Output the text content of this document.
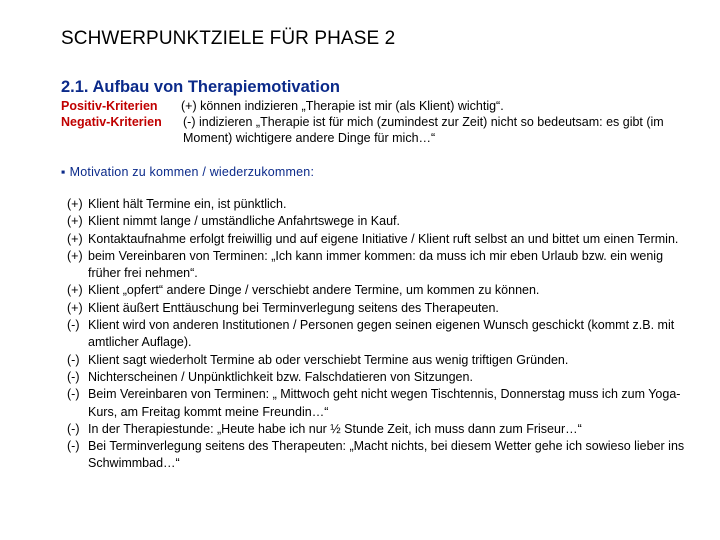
SCHWERPUNKTZIELE FÜR PHASE 2
2.1. Aufbau von Therapiemotivation
Positiv-Kriterien	(+) können indizieren „Therapie ist mir (als Klient) wichtig“.
Negativ-Kriterien	(-) indizieren „Therapie ist für mich (zumindest zur Zeit) nicht so bedeutsam: es gibt (im Moment) wichtigere andere Dinge für mich…“
▪ Motivation zu kommen / wiederzukommen:
(+) Klient hält Termine ein, ist pünktlich.
(+) Klient nimmt lange / umständliche Anfahrtswege in Kauf.
(+) Kontaktaufnahme erfolgt freiwillig und auf eigene Initiative / Klient ruft selbst an und bittet um einen Termin.
(+) beim Vereinbaren von Terminen: „Ich kann immer kommen: da muss ich mir eben Urlaub bzw. ein wenig früher frei nehmen“.
(+) Klient „opfert“ andere Dinge / verschiebt andere Termine, um kommen zu können.
(+) Klient äußert Enttäuschung bei Terminverlegung seitens des Therapeuten.
(-) Klient wird von anderen Institutionen / Personen gegen seinen eigenen Wunsch geschickt (kommt z.B. mit amtlicher Auflage).
(-) Klient sagt wiederholt Termine ab oder verschiebt Termine aus wenig triftigen Gründen.
(-) Nichterscheinen / Unpünktlichkeit bzw. Falschdatieren von Sitzungen.
(-) Beim Vereinbaren von Terminen: „ Mittwoch geht nicht wegen Tischtennis, Donnerstag muss ich zum Yoga-Kurs, am Freitag kommt meine Freundin…“
(-) In der Therapiestunde: „Heute habe ich nur ½ Stunde Zeit, ich muss dann zum Friseur…“
(-) Bei Terminverlegung seitens des Therapeuten: „Macht nichts, bei diesem Wetter gehe ich sowieso lieber ins Schwimmbad…“
